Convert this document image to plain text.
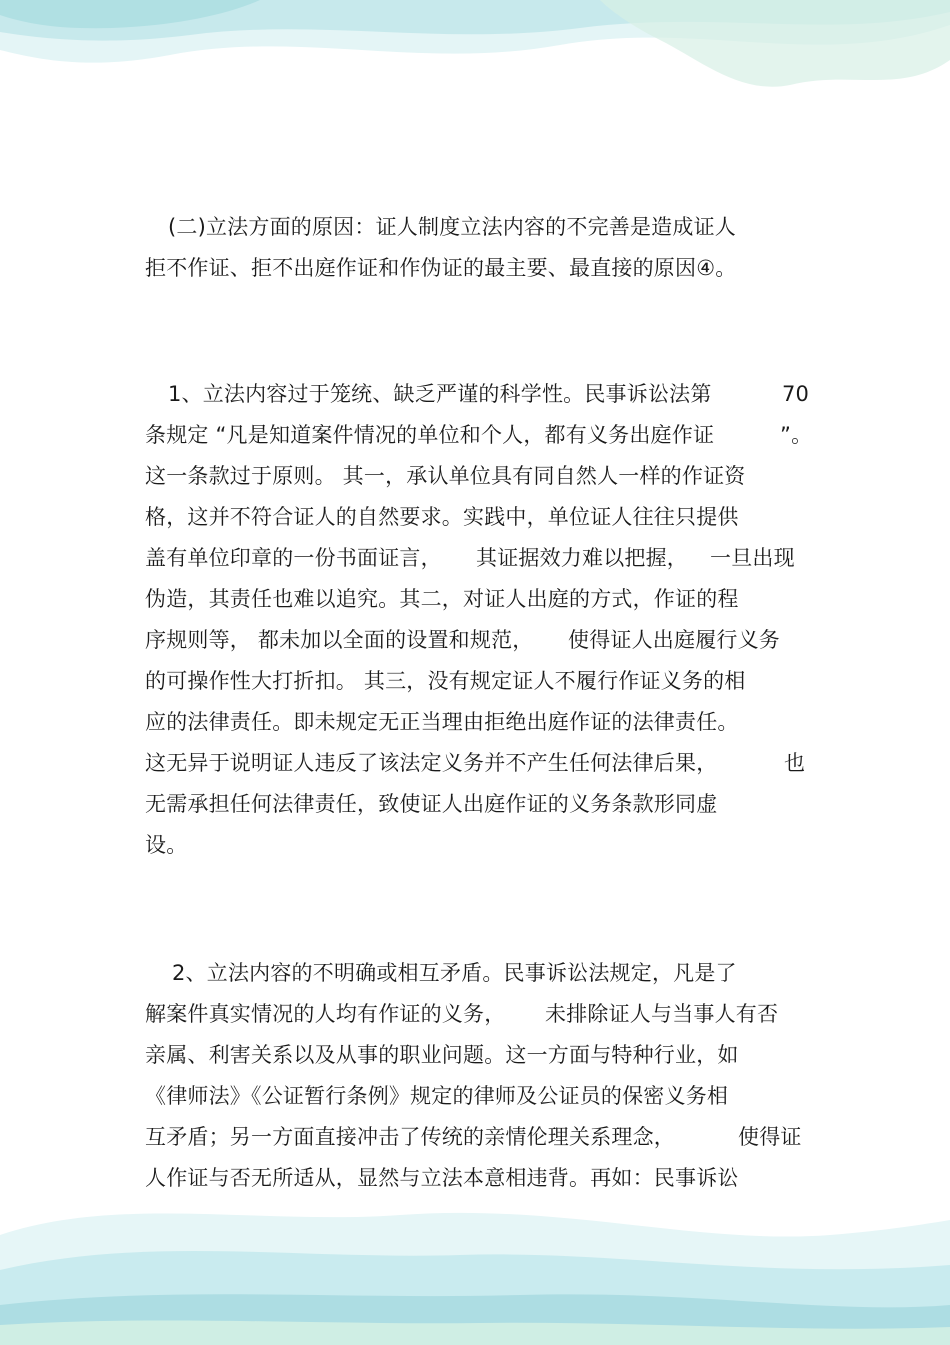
(二)立法方面的原因：证人制度立法内容的不完善是造成证人
拒不作证、拒不出庭作证和作伪证的最主要、最直接的原因④。
1、立法内容过于笼统、缺乏严谨的科学性。民事诉讼法第	70
条规定 “凡是知道案件情况的单位和个人，都有义务出庭作证	”。
这一条款过于原则。 其一，承认单位具有同自然人一样的作证资
格，这并不符合证人的自然要求。实践中，单位证人往往只提供
盖有单位印章的一份书面证言， 其证据效力难以把握， 一旦出现
伪造，其责任也难以追究。其二，对证人出庭的方式，作证的程
序规则等， 都未加以全面的设置和规范， 使得证人出庭履行义务
的可操作性大打折扣。 其三，没有规定证人不履行作证义务的相
应的法律责任。即未规定无正当理由拒绝出庭作证的法律责任。
这无异于说明证人违反了该法定义务并不产生任何法律后果，	也
无需承担任何法律责任，致使证人出庭作证的义务条款形同虚
设。
2、立法内容的不明确或相互矛盾。民事诉讼法规定，凡是了
解案件真实情况的人均有作证的义务， 未排除证人与当事人有否
亲属、利害关系以及从事的职业问题。这一方面与特种行业，如
《律师法》《公证暂行条例》规定的律师及公证员的保密义务相
互矛盾；另一方面直接冲击了传统的亲情伦理关系理念，	使得证
人作证与否无所适从，显然与立法本意相违背。再如：民事诉讼
